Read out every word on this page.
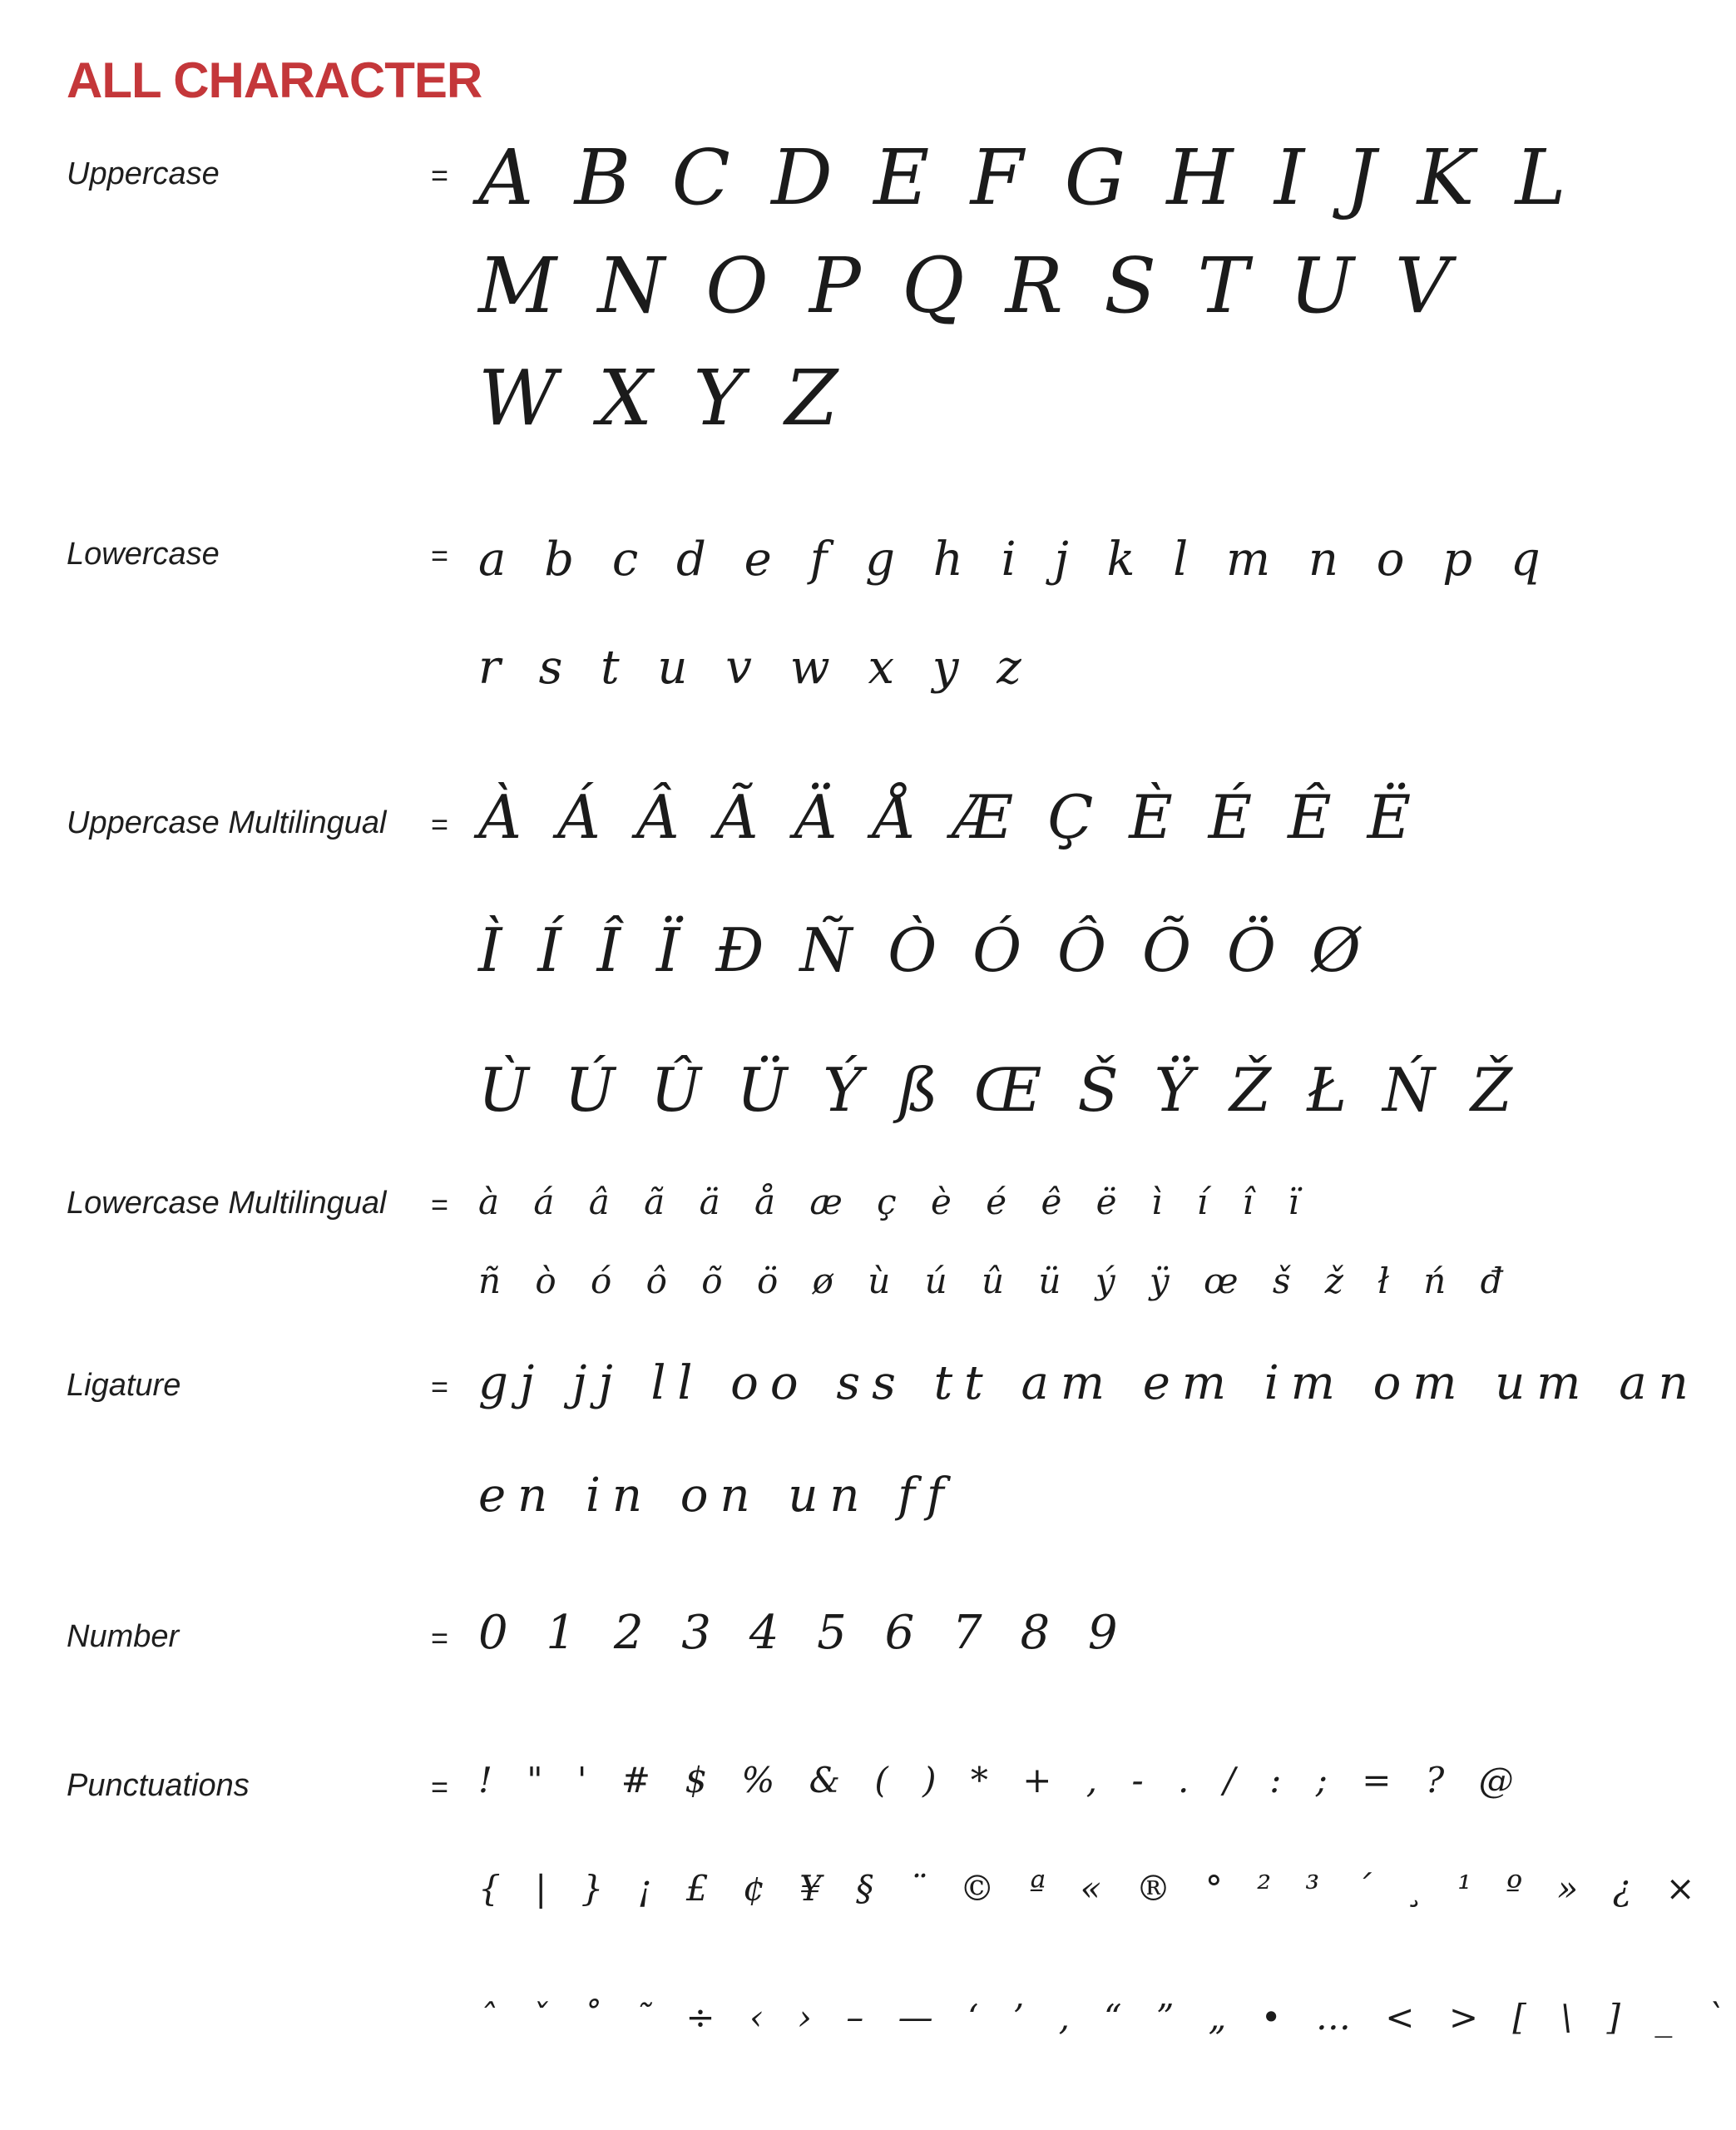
ALL CHARACTER
Uppercase	= A B C D E F G H I J K L
M N O P Q R S T U V
W X Y Z
Lowercase	= a b c d e f g h i j k l m n o p q
r s t u v w x y z
Uppercase Multilingual = À Á Â Ã Ä Å Æ Ç È É Ê Ë
Ì Í Î Ï Ð Ñ Ò Ó Ô Õ Ö Ø
Ù Ú Û Ü Ý ß Œ Š Ÿ Ž Ł Ń Ž
Lowercase Multilingual = à á â ã ä å æ ç è é ê ë ì í î ï
ñ ò ó ô õ ö ø ù ú û ü ý ÿ œ š ž ł ń đ
Ligature	= gj jj ll oo ss tt am em im om um an
en in on un ff
Number	= 0 1 2 3 4 5 6 7 8 9
Punctuations	= ! " ' # $ % & ( ) * + , - . / : ; = ? @
{ | } ¡ £ ¢ ¥ § ¨ © ª « ® ° ² ³ ´ ¸ ¹ º » ¿ ×
ˆ ˇ ˚ ˜ ÷ ‹ › – — ‘ ’ ‚ “ ” „ • … < > [ \ ] _ `
